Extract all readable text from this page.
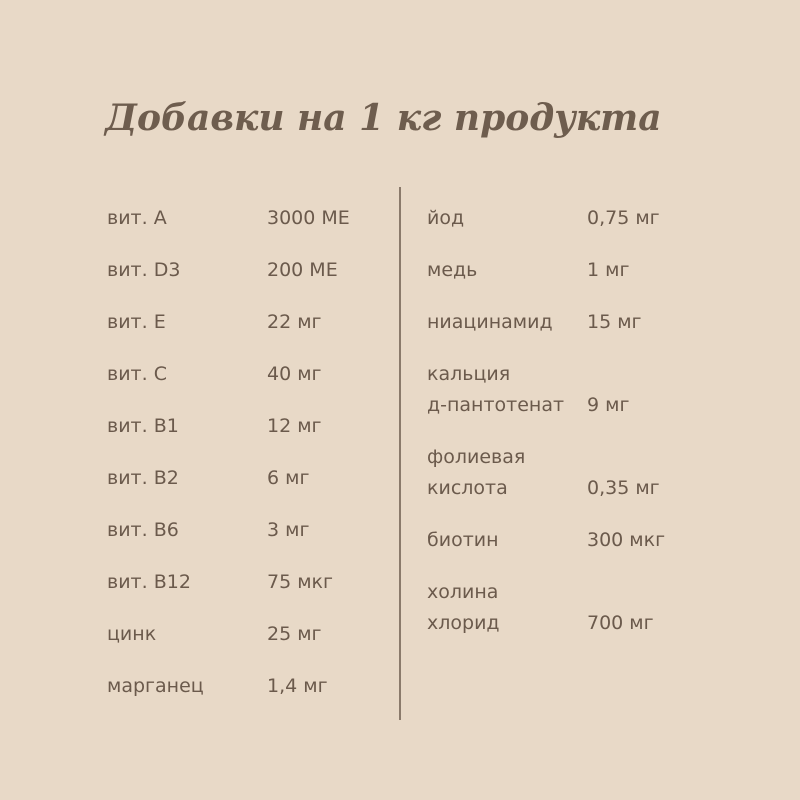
Добавки на 1 кг продукта
вит. А	3000 МЕ
вит. D3	200 МЕ
вит. Е	22 мг
вит. С	40 мг
вит. В1	12 мг
вит. В2	6 мг
вит. В6	3 мг
вит. В12	75 мкг
цинк	25 мг
марганец	1,4 мг
йод	0,75 мг
медь	1 мг
ниацинамид	15 мг
кальция
д-пантотенат	9 мг
фолиевая
кислота	0,35 мг
биотин	300 мкг
холина
хлорид	700 мг
